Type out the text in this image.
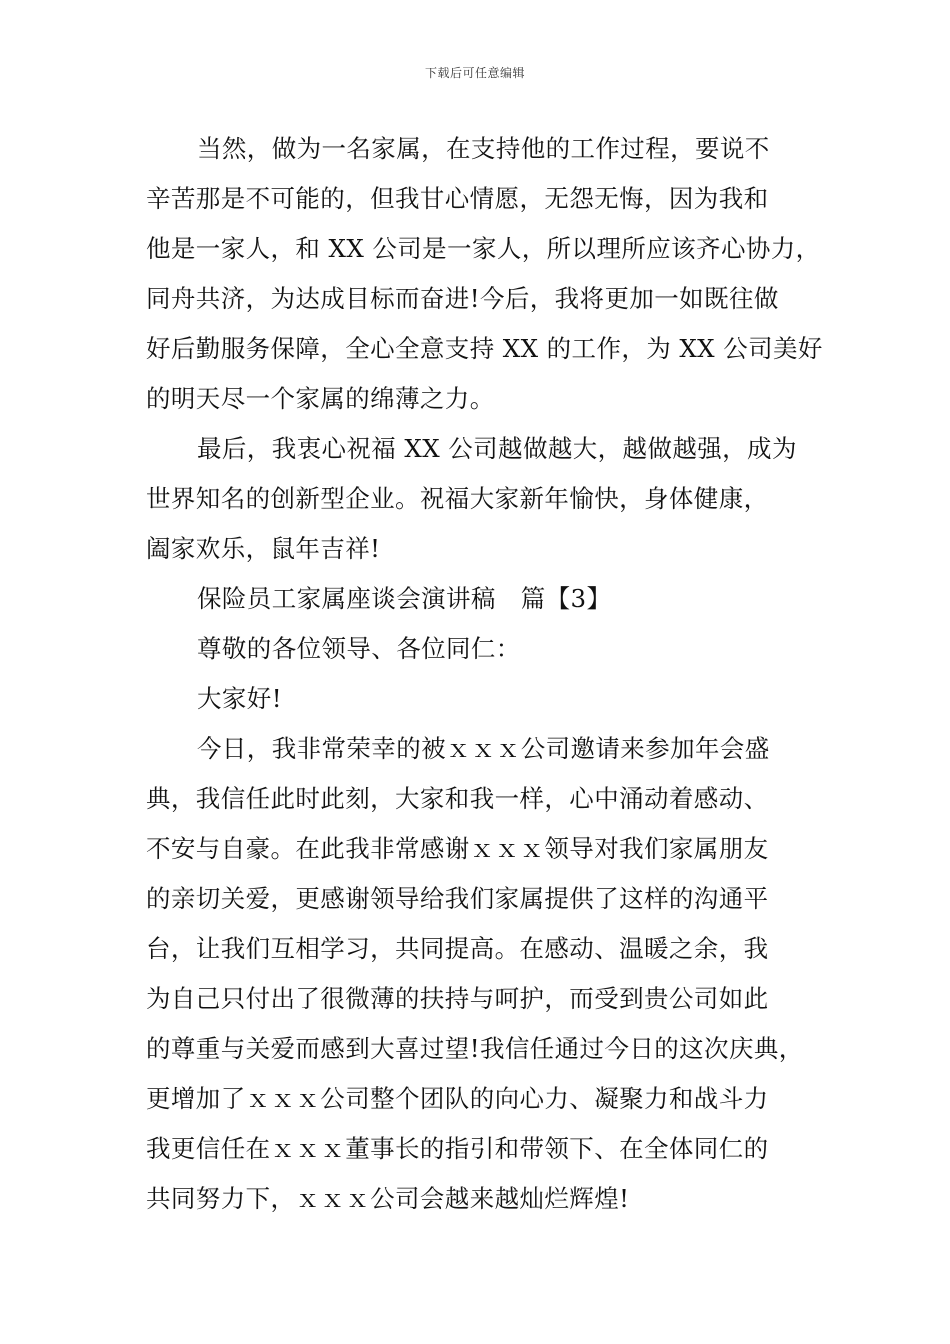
下载后可任意编辑
当然，做为一名家属，在支持他的工作过程，要说不
辛苦那是不可能的，但我甘心情愿，无怨无悔，因为我和
他是一家人，和 XX 公司是一家人，所以理所应该齐心协力，
同舟共济，为达成目标而奋进!今后，我将更加一如既往做
好后勤服务保障，全心全意支持 XX 的工作，为 XX 公司美好
的明天尽一个家属的绵薄之力。
最后，我衷心祝福 XX 公司越做越大，越做越强，成为
世界知名的创新型企业。祝福大家新年愉快，身体健康，
阖家欢乐，鼠年吉祥!
保险员工家属座谈会演讲稿　篇【3】
尊敬的各位领导、各位同仁：
大家好!
今日，我非常荣幸的被ｘｘｘ公司邀请来参加年会盛
典，我信任此时此刻，大家和我一样，心中涌动着感动、
不安与自豪。在此我非常感谢ｘｘｘ领导对我们家属朋友
的亲切关爱，更感谢领导给我们家属提供了这样的沟通平
台，让我们互相学习，共同提高。在感动、温暖之余，我
为自己只付出了很微薄的扶持与呵护，而受到贵公司如此
的尊重与关爱而感到大喜过望!我信任通过今日的这次庆典，
更增加了ｘｘｘ公司整个团队的向心力、凝聚力和战斗力
我更信任在ｘｘｘ董事长的指引和带领下、在全体同仁的
共同努力下，ｘｘｘ公司会越来越灿烂辉煌!
